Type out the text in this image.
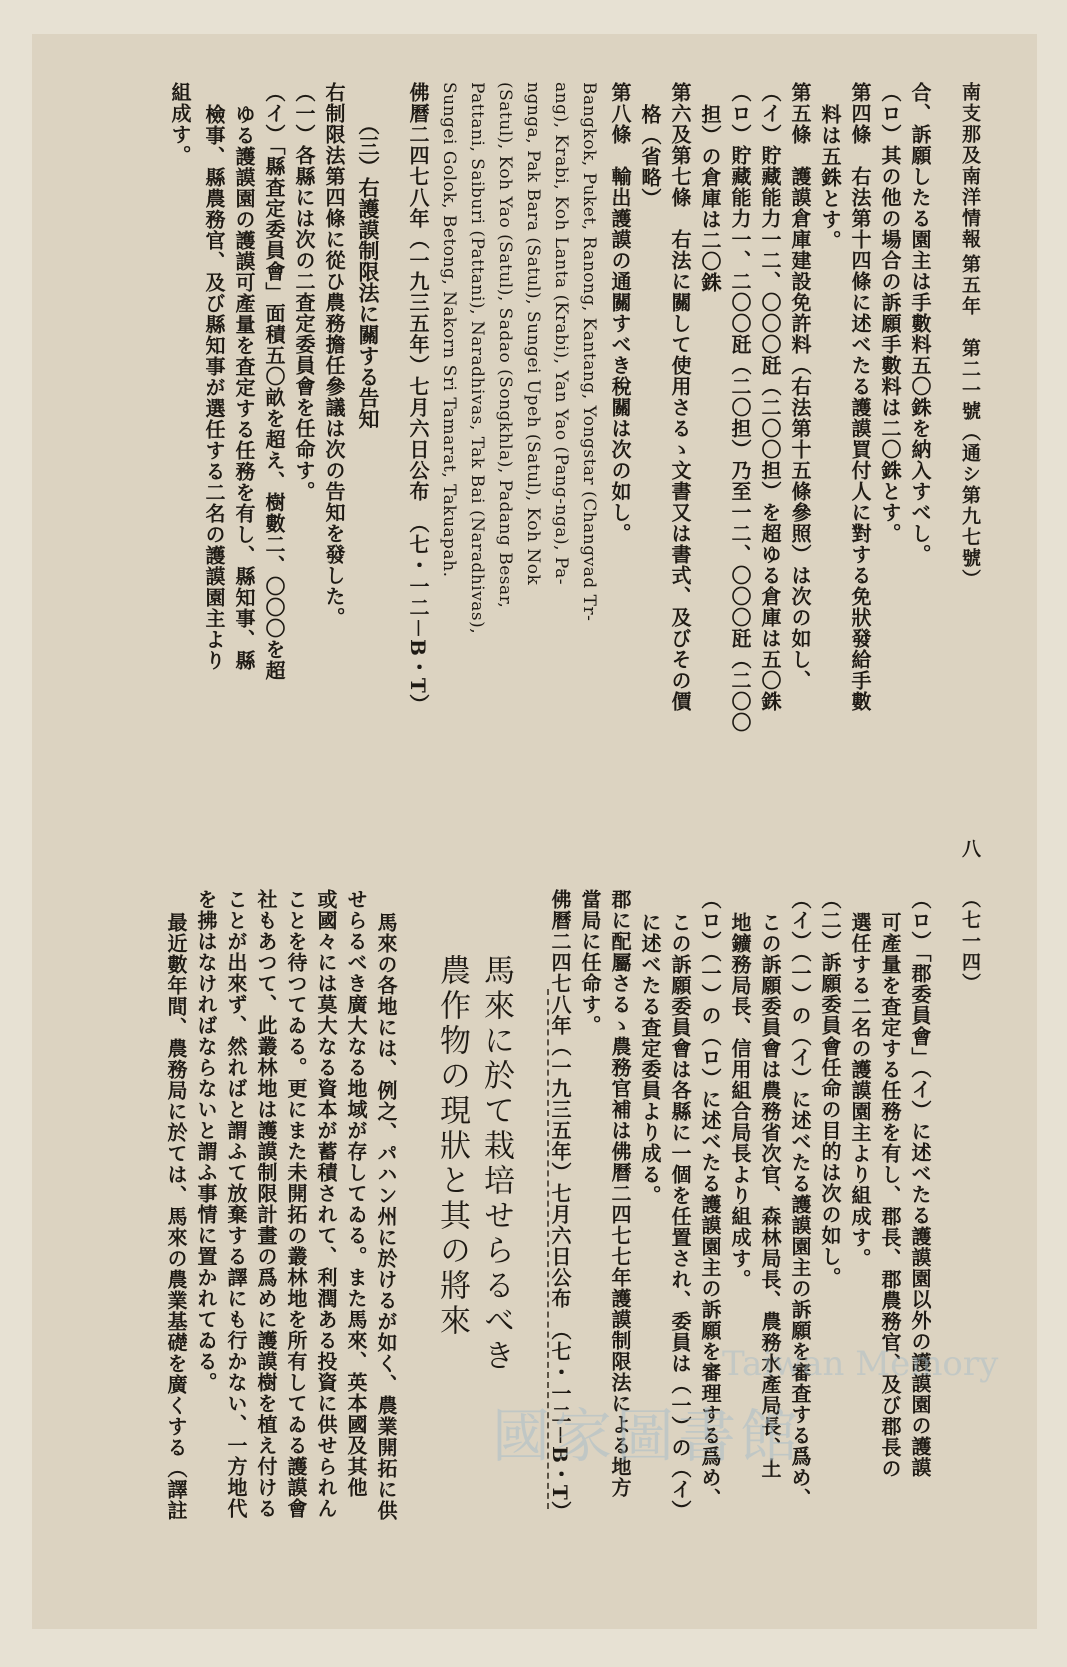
南支那及南洋情報
第五年　第二一號（通シ第九七號）
八
（七一四）
合、訴願したる園主は手數料五〇銖を納入すべし。
（ロ）其の他の場合の訴願手數料は二〇銖とす。
第四條　右法第十四條に述べたる護謨買付人に對する免狀發給手數
料は五銖とす。
第五條　護謨倉庫建設免許料（右法第十五條參照）は次の如し、
（イ）貯藏能力一二、〇〇〇瓩（二〇〇担）を超ゆる倉庫は五〇銖
（ロ）貯藏能力一、二〇〇瓩（二〇担）乃至一二、〇〇〇瓩（二〇〇
担）の倉庫は二〇銖
第六及第七條　右法に關して使用さるゝ文書又は書式、及びその價
格（省略）
第八條　輸出護謨の通關すべき稅關は次の如し。
Bangkok, Puket, Ranong, Kantang, Yongstar (Changvad Tr-
ang), Krabi, Koh Lanta (Krabi), Yan Yao (Pang-nga), Pa-
ngnga, Pak Bara (Satul), Sungei Upeh (Satul), Koh Nok
(Satul), Koh Yao (Satul), Sadao (Songkhla), Padang Besar,
Pattani, Saiburi (Pattani), Naradhivas, Tak Bai (Naradhivas),
Sungei Golok, Betong, Nakorn Sri Tamarat, Takuapah.
佛曆二四七八年（一九三五年）七月六日公布　（七・一二－B・T）
（三）右護謨制限法に關する告知
右制限法第四條に從ひ農務擔任參議は次の告知を發した。
（一）各縣には次の二査定委員會を任命す。
（イ）「縣査定委員會」面積五〇畝を超え、樹數二、〇〇〇を超
ゆる護謨園の護謨可產量を査定する任務を有し、縣知事、縣
檢事、縣農務官、及び縣知事が選任する二名の護謨園主より
組成す。
（ロ）「郡委員會」（イ）に述べたる護謨園以外の護謨園の護謨
可產量を査定する任務を有し、郡長、郡農務官、及び郡長の
選任する二名の護謨園主より組成す。
（二）訴願委員會任命の目的は次の如し。
（イ）（一）の（イ）に述べたる護謨園主の訴願を審査する爲め、
この訴願委員會は農務省次官、森林局長、農務水產局長、土
地鑛務局長、信用組合局長より組成す。
（ロ）（一）の（ロ）に述べたる護謨園主の訴願を審理する爲め、
この訴願委員會は各縣に一個を任置され、委員は（一）の（イ）
に述べたる査定委員より成る。
郡に配屬さるゝ農務官補は佛曆二四七七年護謨制限法による地方
當局に任命す。
佛曆二四七八年（一九三五年）七月六日公布　（七・一二－B・T）
馬來に於て栽培せらるべき
農作物の現狀と其の將來
馬來の各地には、例之、パハン州に於けるが如く、農業開拓に供
せらるべき廣大なる地域が存してゐる。また馬來、英本國及其他
或國々には莫大なる資本が蓄積されて、利潤ある投資に供せられん
ことを待つてゐる。更にまた未開拓の叢林地を所有してゐる護謨會
社もあつて、此叢林地は護謨制限計畫の爲めに護謨樹を植え付ける
ことが出來ず、然ればと謂ふて放棄する譯にも行かない、一方地代
を拂はなければならないと謂ふ事情に置かれてゐる。
最近數年間、農務局に於ては、馬來の農業基礎を廣くする（譯註	Taiwan Memory
國家圖書館
